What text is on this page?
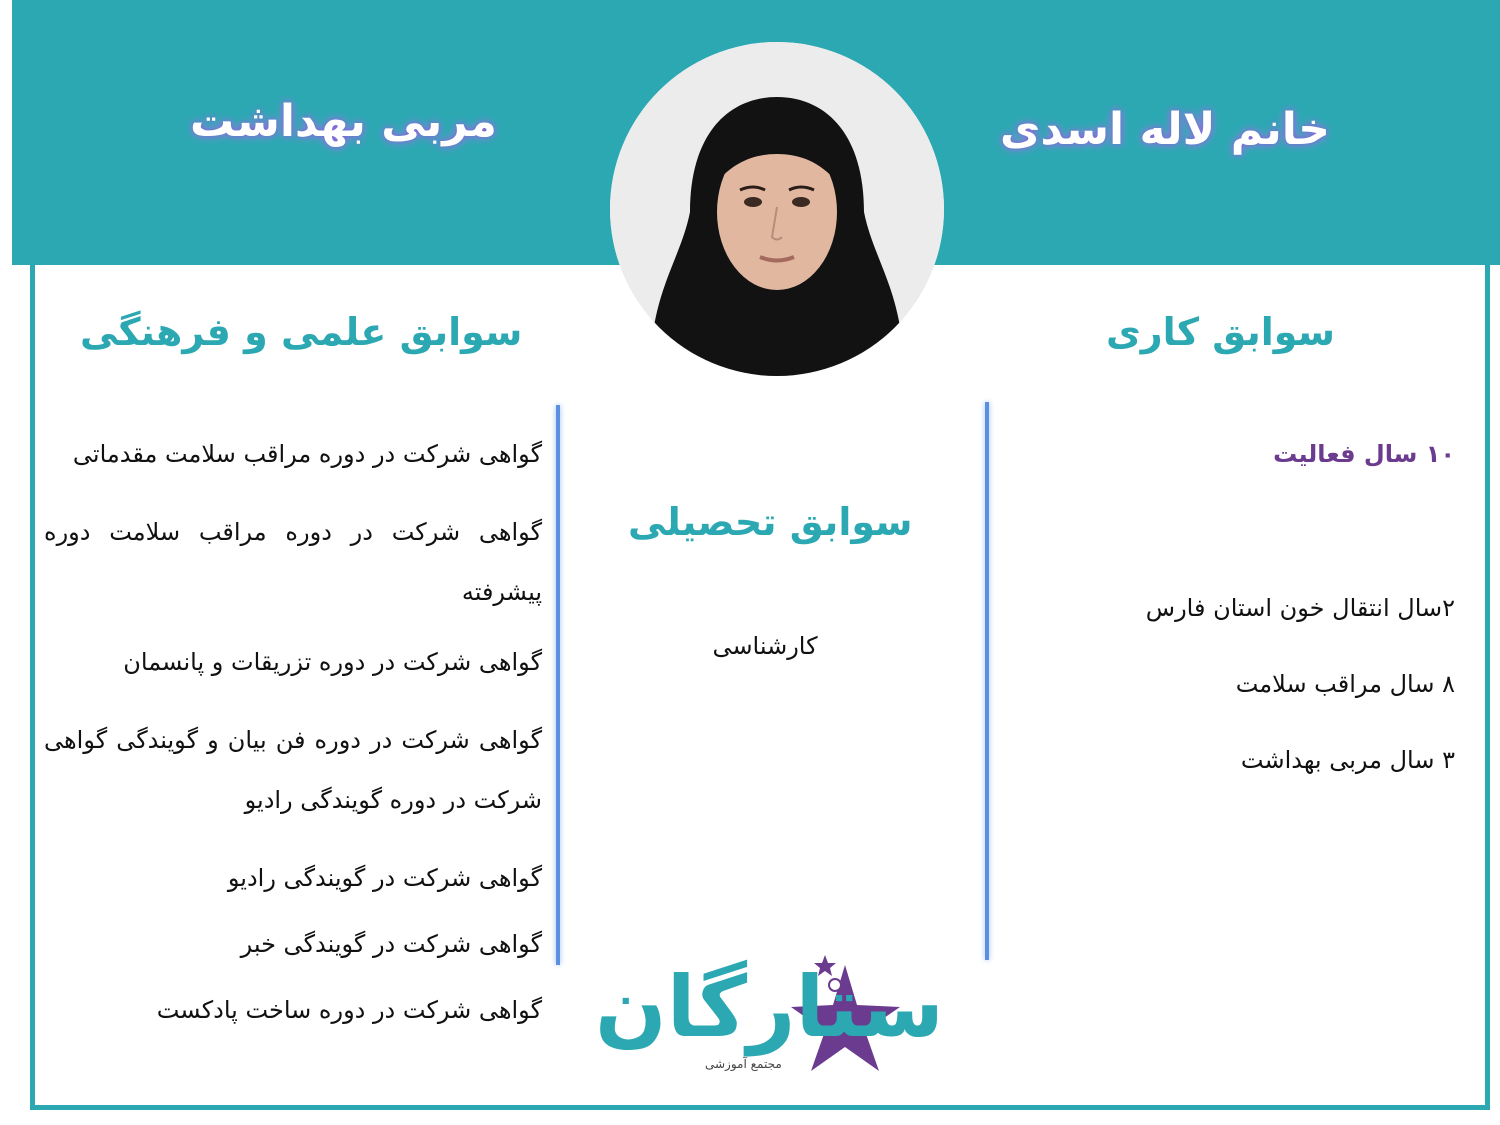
خانم لاله اسدی
مربی بهداشت
سوابق کاری
سوابق علمی و فرهنگی
سوابق تحصیلی
۱۰ سال فعالیت
۲سال انتقال خون استان فارس
۸ سال مراقب سلامت
۳ سال مربی بهداشت
کارشناسی
گواهی شرکت در دوره مراقب سلامت مقدماتی
گواهی شرکت در دوره مراقب سلامت دوره پیشرفته
گواهی شرکت در دوره تزریقات و پانسمان
گواهی شرکت در دوره فن بیان و گویندگی گواهی شرکت در دوره گویندگی رادیو
گواهی شرکت در گویندگی رادیو
گواهی شرکت در گویندگی خبر
گواهی شرکت در دوره ساخت پادکست ستارگان
مجتمع آموزشی
